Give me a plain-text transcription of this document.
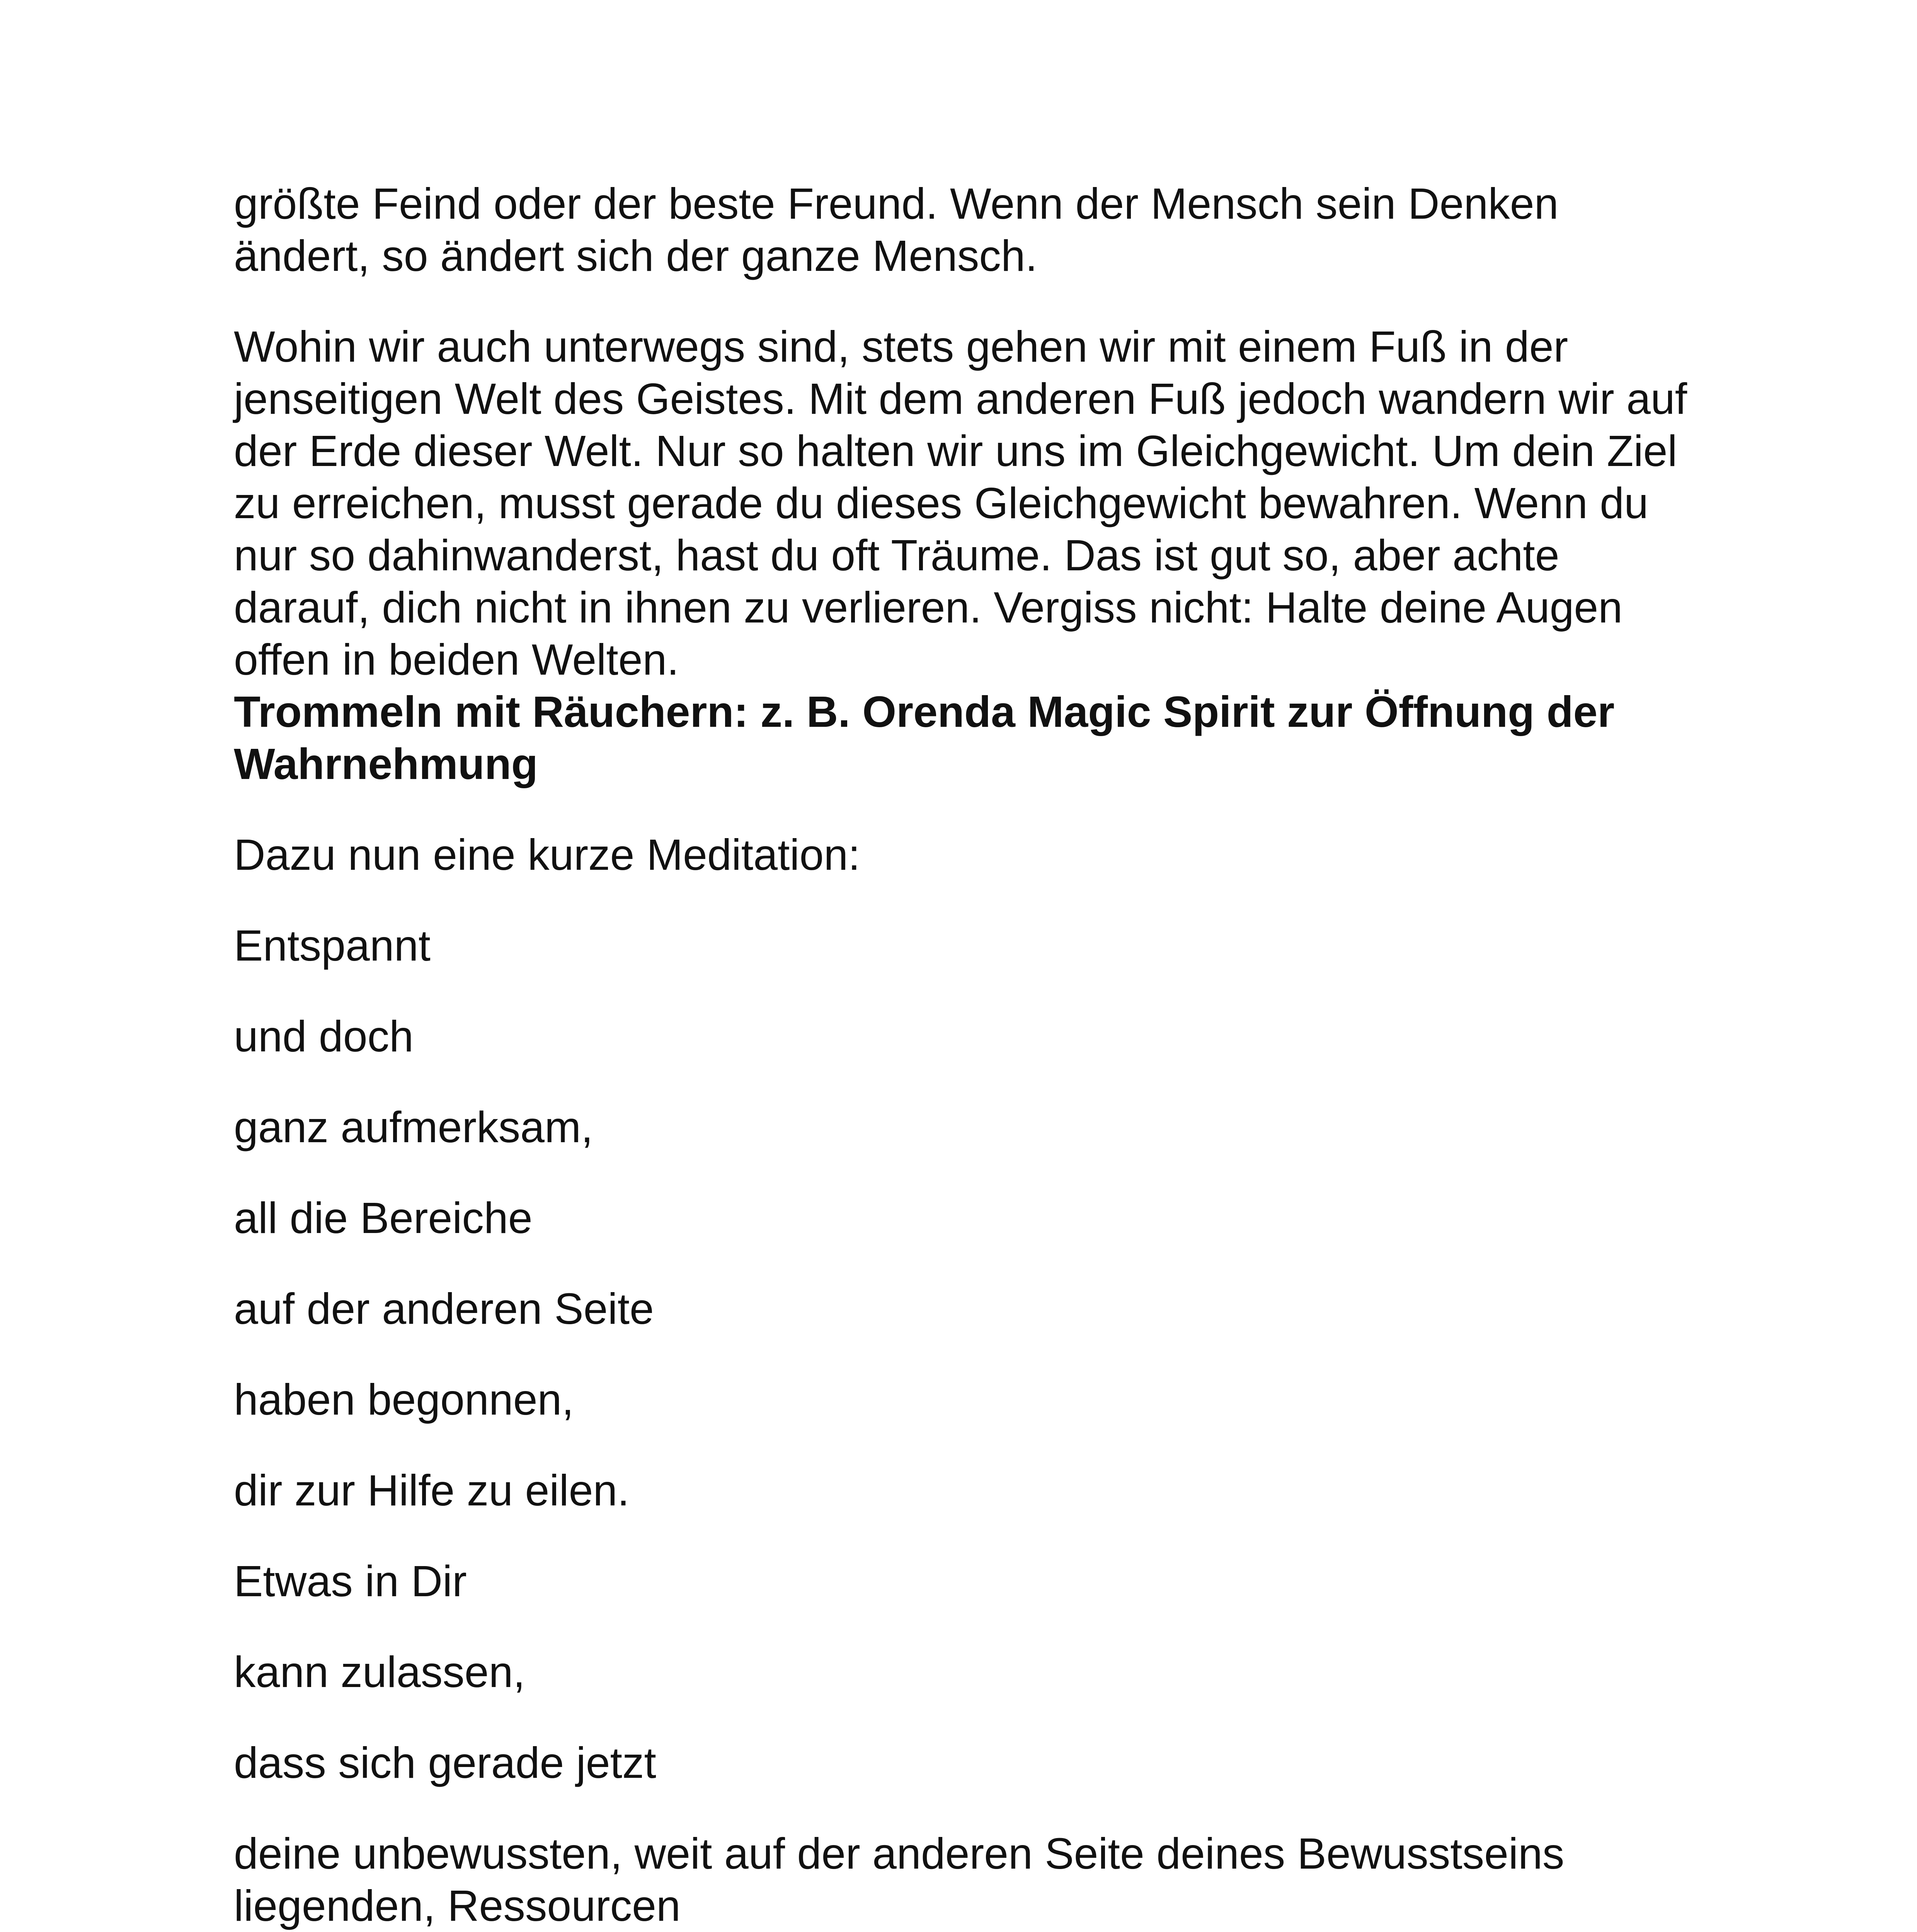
größte Feind oder der beste Freund. Wenn der Mensch sein Denken ändert, so ändert sich der ganze Mensch.

Wohin wir auch unterwegs sind, stets gehen wir mit einem Fuß in der jenseitigen Welt des Geistes. Mit dem anderen Fuß jedoch wandern wir auf der Erde dieser Welt. Nur so halten wir uns im Gleichgewicht. Um dein Ziel zu erreichen, musst gerade du dieses Gleichgewicht bewahren. Wenn du nur so dahinwanderst, hast du oft Träume. Das ist gut so, aber achte darauf, dich nicht in ihnen zu verlieren. Vergiss nicht: Halte deine Augen offen in beiden Welten.

Trommeln mit Räuchern: z. B. Orenda Magic Spirit zur Öffnung der Wahrnehmung

Dazu nun eine kurze Meditation:

Entspannt

und doch

ganz aufmerksam,

all die Bereiche

auf der anderen Seite

haben begonnen,

dir zur Hilfe zu eilen.

Etwas in Dir

kann zulassen,

dass sich gerade jetzt

deine unbewussten, weit auf der anderen Seite deines Bewusstseins liegenden, Ressourcen
